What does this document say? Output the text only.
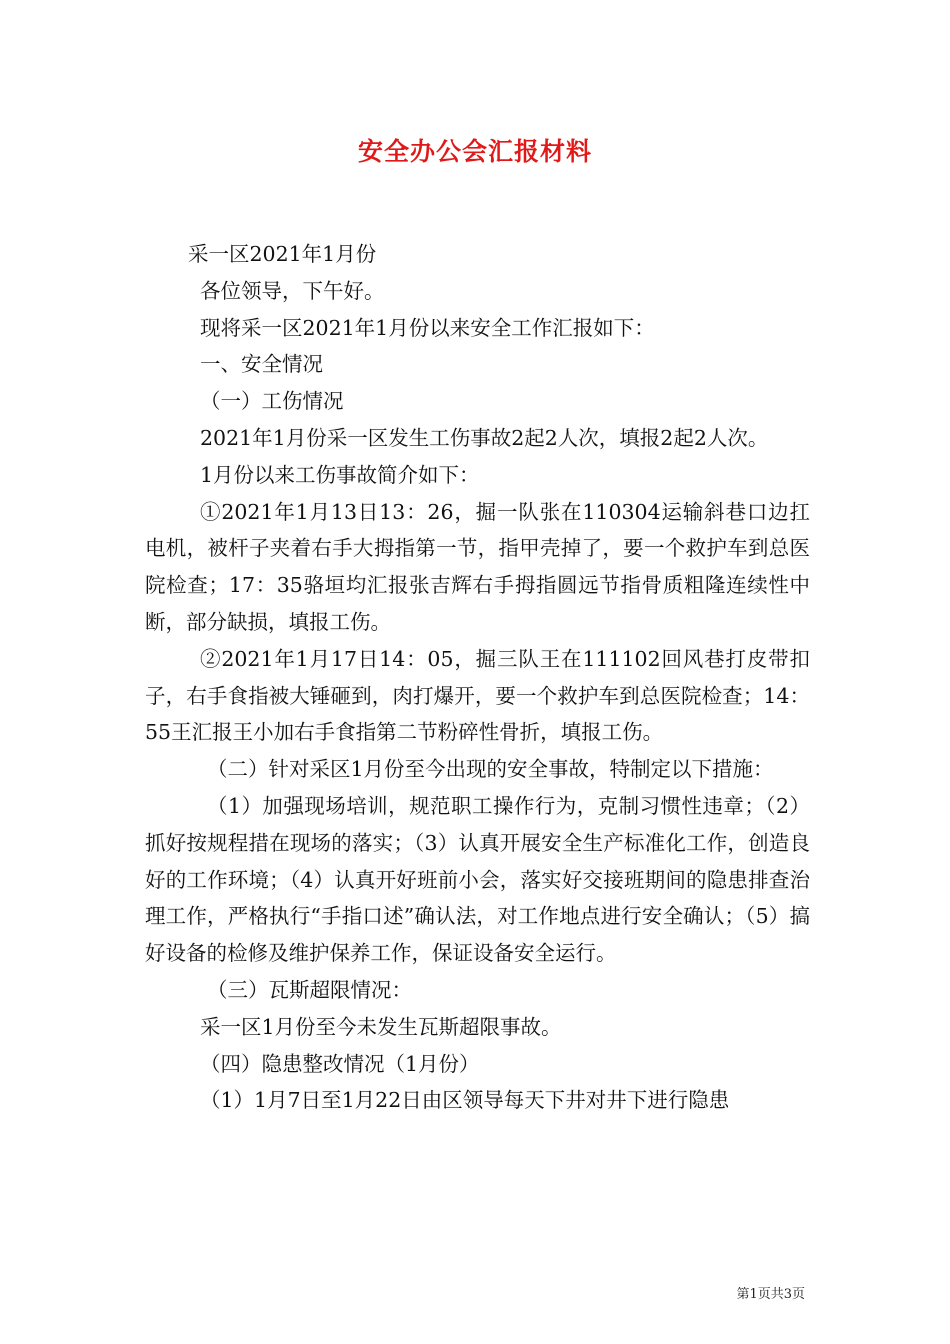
安全办公会汇报材料

采一区2021年1月份

各位领导，下午好。

现将采一区2021年1月份以来安全工作汇报如下：

一、安全情况

（一）工伤情况

2021年1月份采一区发生工伤事故2起2人次，填报2起2人次。

1月份以来工伤事故简介如下：

①2021年1月13日13：26，掘一队张在110304运输斜巷口边扛电机，被杆子夹着右手大拇指第一节，指甲壳掉了，要一个救护车到总医院检查；17：35骆垣均汇报张吉辉右手拇指圆远节指骨质粗隆连续性中断，部分缺损，填报工伤。

②2021年1月17日14：05，掘三队王在111102回风巷打皮带扣子，右手食指被大锤砸到，肉打爆开，要一个救护车到总医院检查；14：55王汇报王小加右手食指第二节粉碎性骨折，填报工伤。

（二）针对采区1月份至今出现的安全事故，特制定以下措施：

（1）加强现场培训，规范职工操作行为，克制习惯性违章；（2）抓好按规程措在现场的落实；（3）认真开展安全生产标准化工作，创造良好的工作环境；（4）认真开好班前小会，落实好交接班期间的隐患排查治理工作，严格执行“手指口述”确认法，对工作地点进行安全确认；（5）搞好设备的检修及维护保养工作，保证设备安全运行。

（三）瓦斯超限情况：

采一区1月份至今未发生瓦斯超限事故。

（四）隐患整改情况（1月份）

（1）1月7日至1月22日由区领导每天下井对井下进行隐患

第1页共3页
